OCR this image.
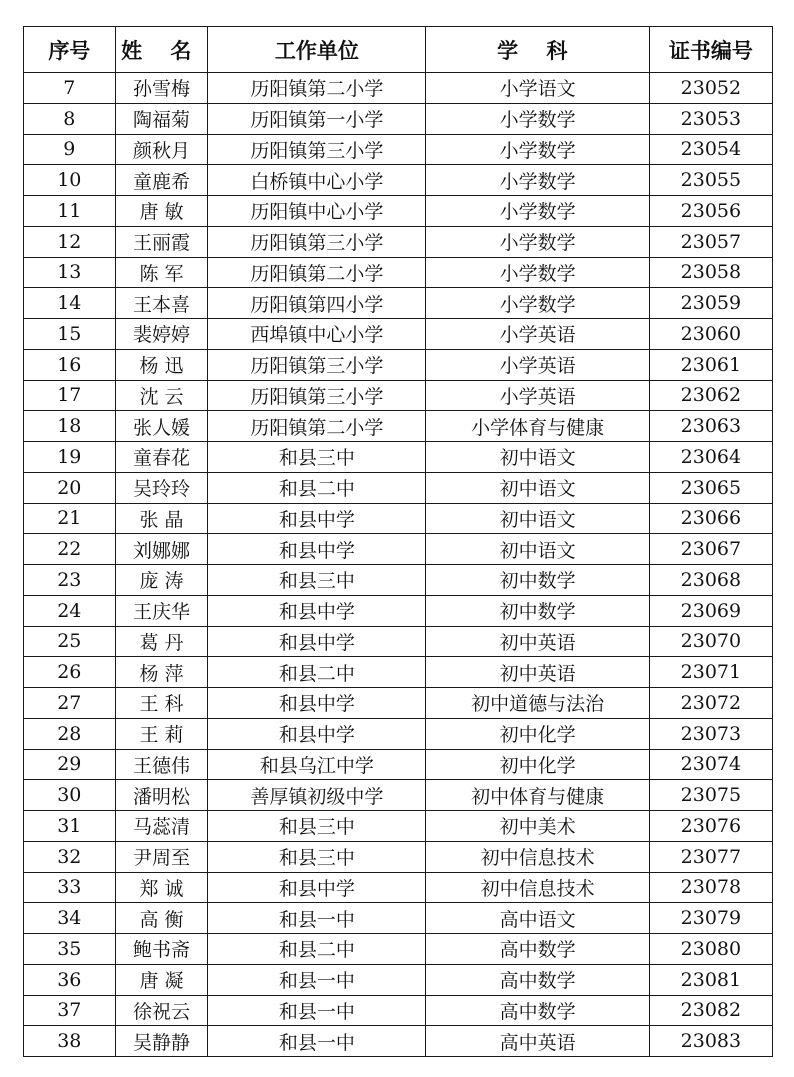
序号	姓 名	工作单位	学 科	证书编号
7	孙雪梅	历阳镇第二小学	小学语文	23052
8	陶福菊	历阳镇第一小学	小学数学	23053
9	颜秋月	历阳镇第三小学	小学数学	23054
10	童鹿希	白桥镇中心小学	小学数学	23055
11	唐 敏	历阳镇中心小学	小学数学	23056
12	王丽霞	历阳镇第三小学	小学数学	23057
13	陈 军	历阳镇第二小学	小学数学	23058
14	王本喜	历阳镇第四小学	小学数学	23059
15	裴婷婷	西埠镇中心小学	小学英语	23060
16	杨 迅	历阳镇第三小学	小学英语	23061
17	沈 云	历阳镇第三小学	小学英语	23062
18	张人媛	历阳镇第二小学	小学体育与健康	23063
19	童春花	和县三中	初中语文	23064
20	吴玲玲	和县二中	初中语文	23065
21	张 晶	和县中学	初中语文	23066
22	刘娜娜	和县中学	初中语文	23067
23	庞 涛	和县三中	初中数学	23068
24	王庆华	和县中学	初中数学	23069
25	葛 丹	和县中学	初中英语	23070
26	杨 萍	和县二中	初中英语	23071
27	王 科	和县中学	初中道德与法治	23072
28	王 莉	和县中学	初中化学	23073
29	王德伟	和县乌江中学	初中化学	23074
30	潘明松	善厚镇初级中学	初中体育与健康	23075
31	马蕊清	和县三中	初中美术	23076
32	尹周至	和县三中	初中信息技术	23077
33	郑 诚	和县中学	初中信息技术	23078
34	高 衡	和县一中	高中语文	23079
35	鲍书斋	和县二中	高中数学	23080
36	唐 凝	和县一中	高中数学	23081
37	徐祝云	和县一中	高中数学	23082
38	吴静静	和县一中	高中英语	23083
